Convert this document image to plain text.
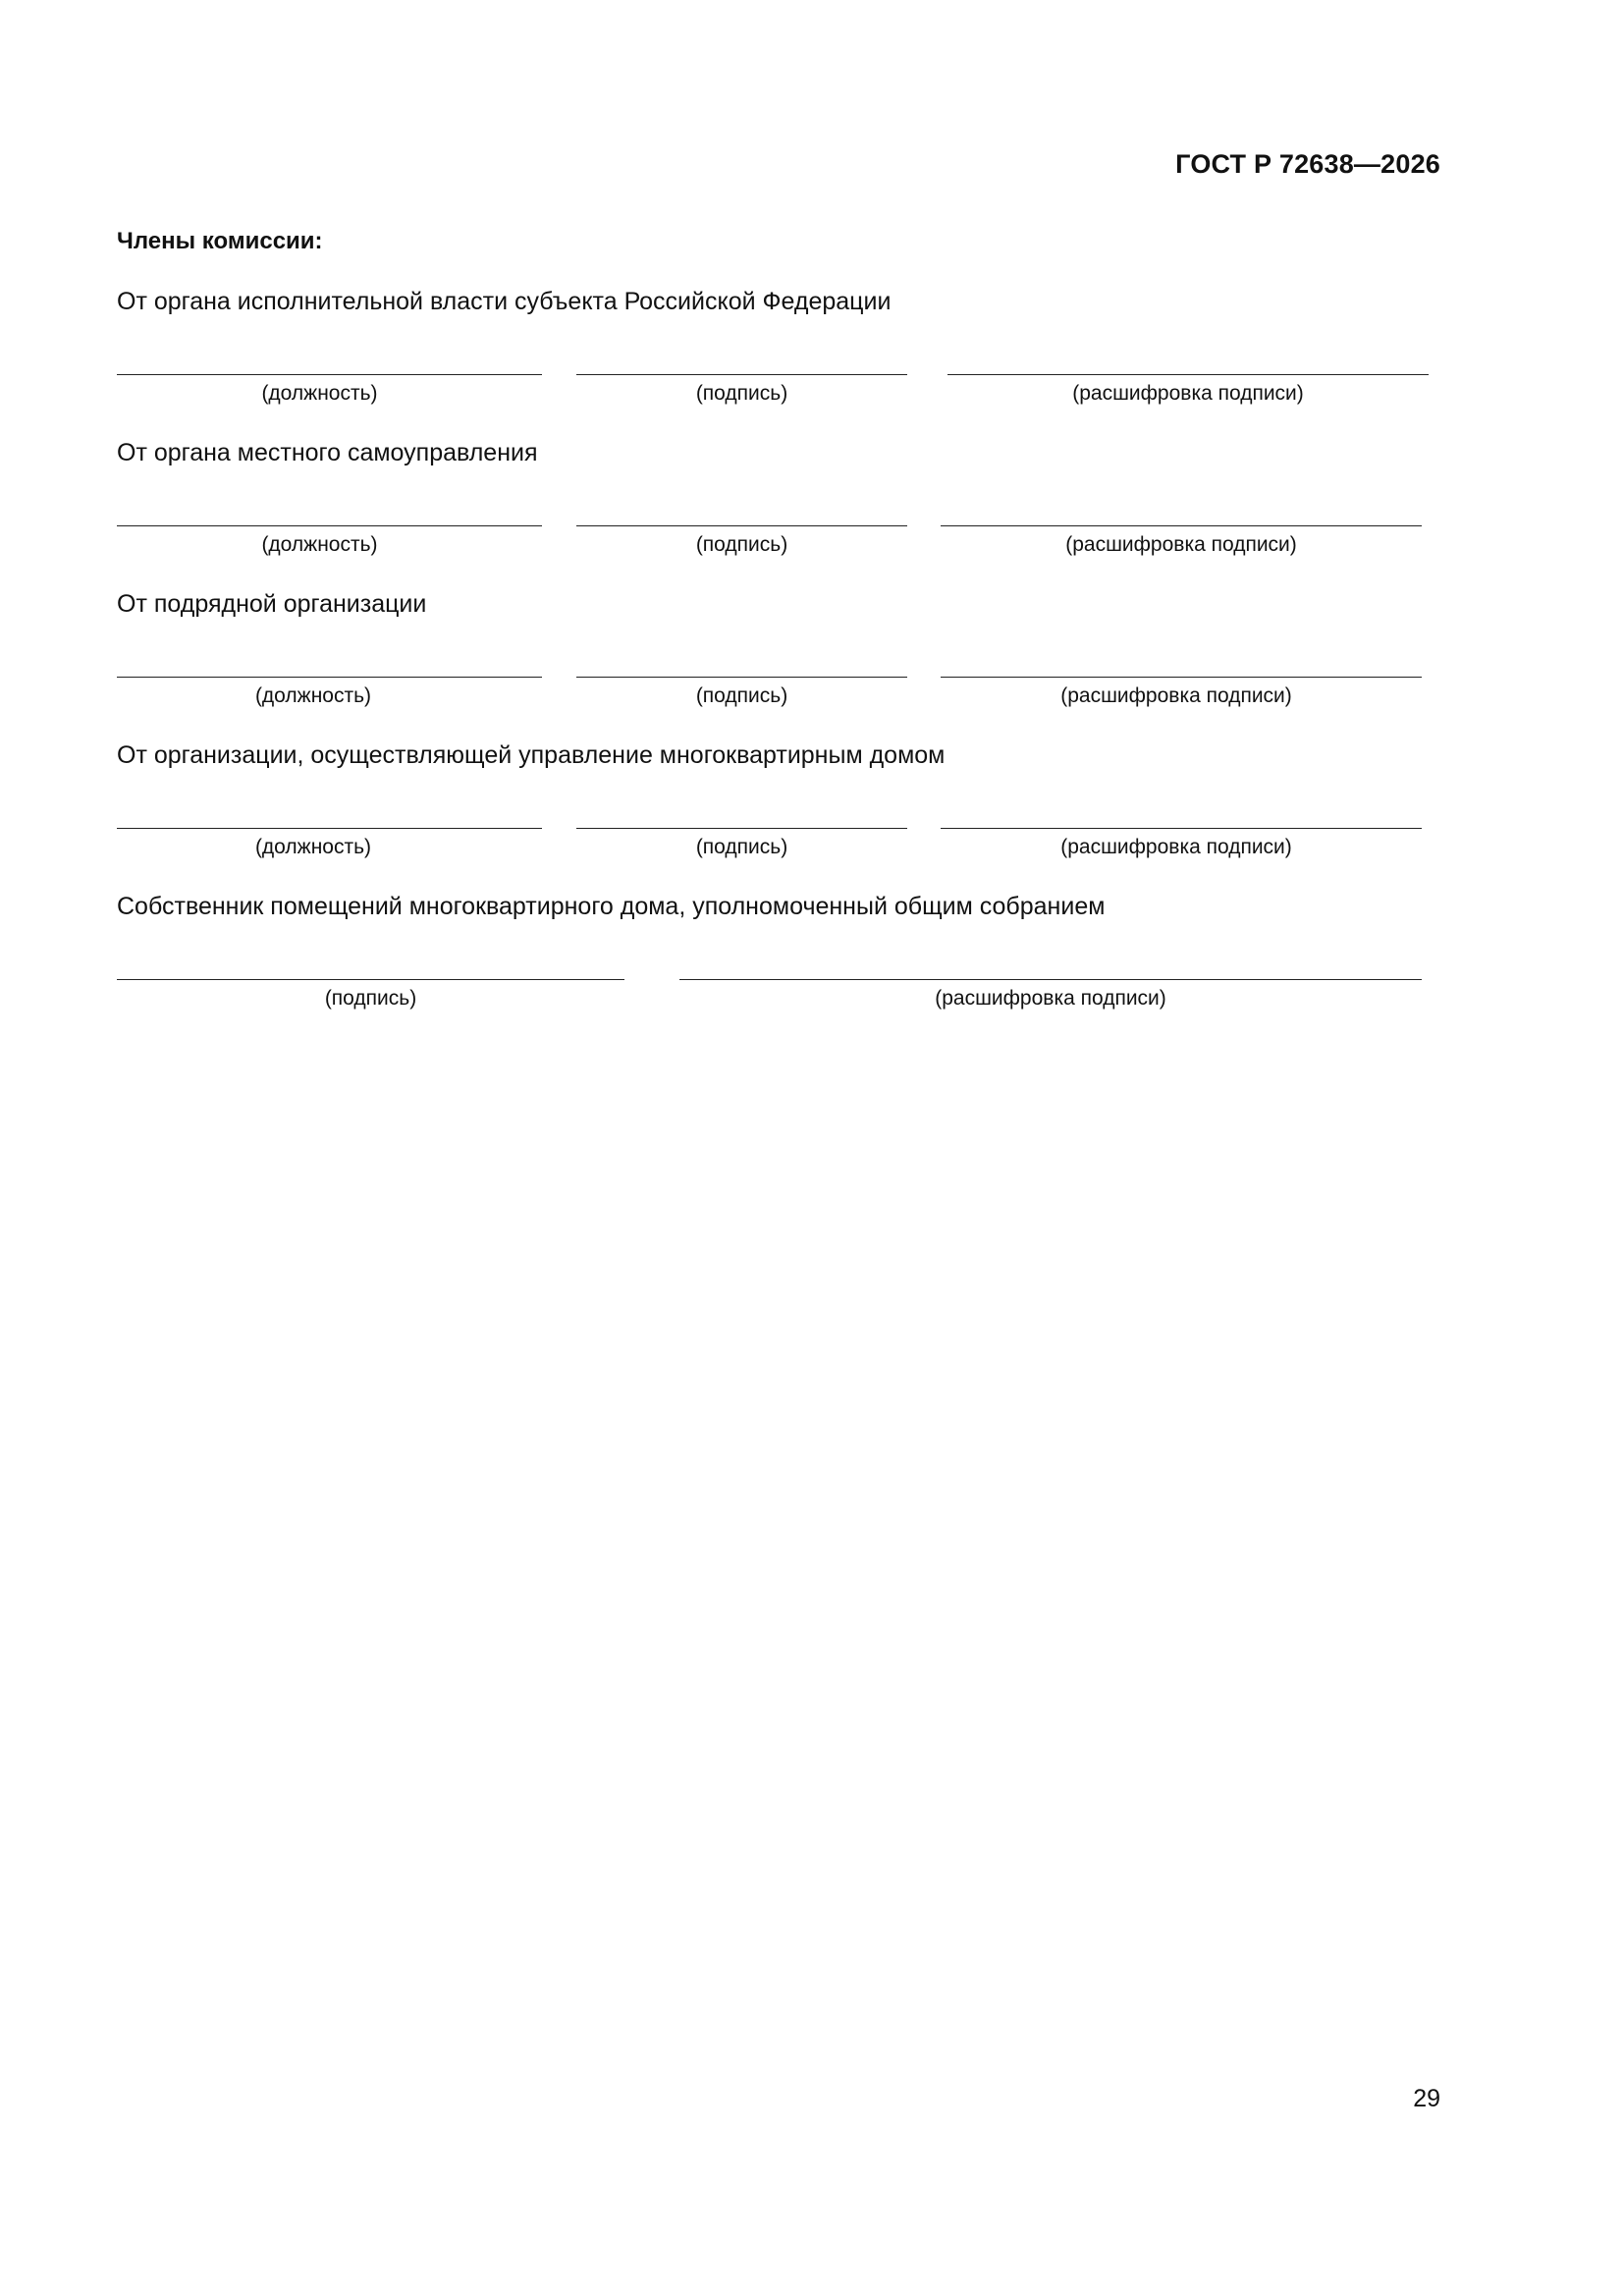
ГОСТ Р 72638—2026
Члены комиссии:
От органа исполнительной власти субъекта Российской Федерации
(должность)	(подпись)	(расшифровка подписи)
От органа местного самоуправления
(должность)	(подпись)	(расшифровка подписи)
От подрядной организации
(должность)	(подпись)	(расшифровка подписи)
От организации, осуществляющей управление многоквартирным домом
(должность)	(подпись)	(расшифровка подписи)
Собственник помещений многоквартирного дома, уполномоченный общим собранием
(подпись)	(расшифровка подписи)
29
